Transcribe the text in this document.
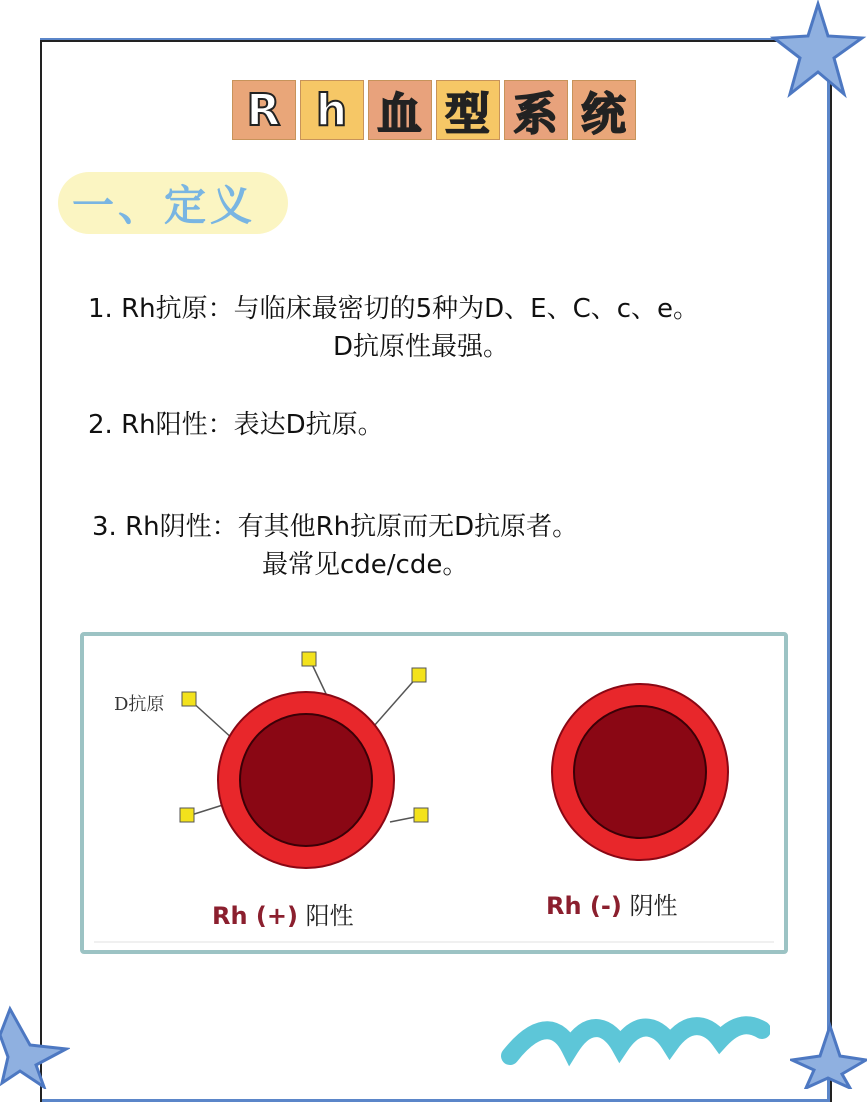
R h 血 型 系 统
一、定义
1. Rh抗原：与临床最密切的5种为D、E、C、c、e。
D抗原性最强。
2. Rh阳性：表达D抗原。
3. Rh阴性：有其他Rh抗原而无D抗原者。
最常见cde/cde。
D抗原
Rh (+) 阳性	Rh (-) 阴性
